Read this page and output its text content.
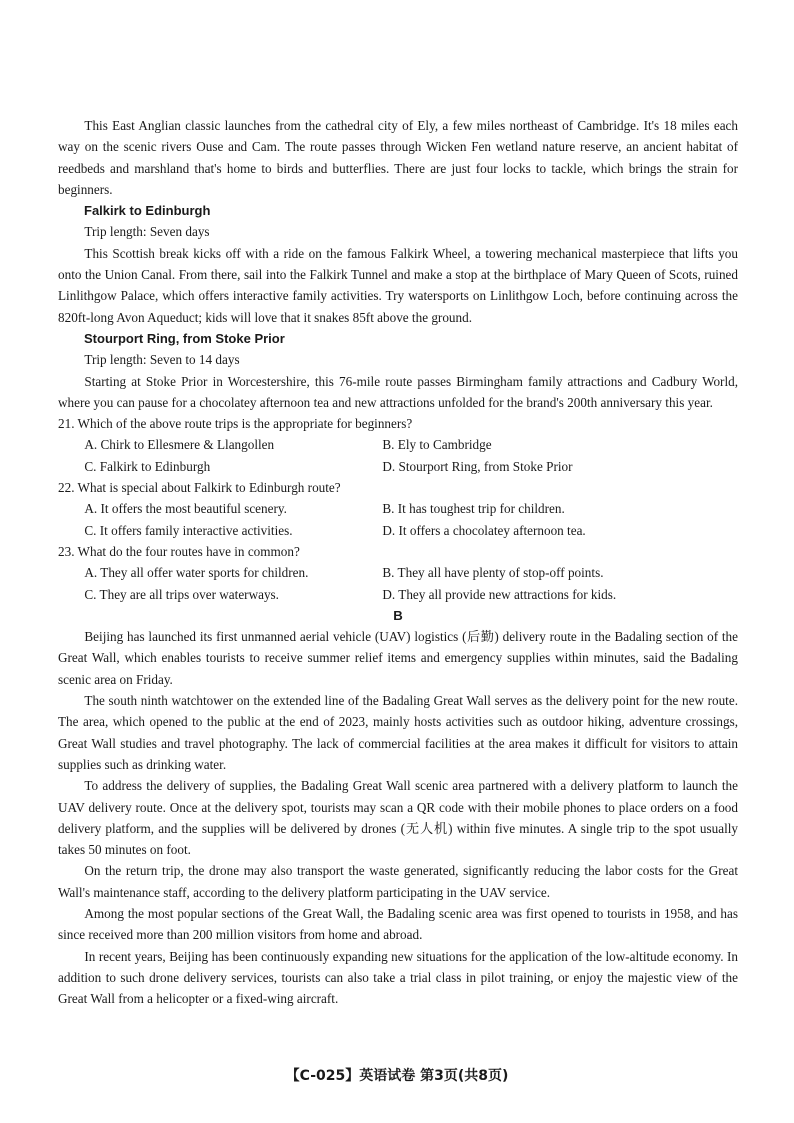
This East Anglian classic launches from the cathedral city of Ely, a few miles northeast of Cambridge. It's 18 miles each way on the scenic rivers Ouse and Cam. The route passes through Wicken Fen wetland nature reserve, an ancient habitat of reedbeds and marshland that's home to birds and butterflies. There are just four locks to tackle, which brings the strain for beginners.

Falkirk to Edinburgh
Trip length: Seven days

This Scottish break kicks off with a ride on the famous Falkirk Wheel, a towering mechanical masterpiece that lifts you onto the Union Canal. From there, sail into the Falkirk Tunnel and make a stop at the birthplace of Mary Queen of Scots, ruined Linlithgow Palace, which offers interactive family activities. Try watersports on Linlithgow Loch, before continuing across the 820ft-long Avon Aqueduct; kids will love that it snakes 85ft above the ground.

Stourport Ring, from Stoke Prior
Trip length: Seven to 14 days

Starting at Stoke Prior in Worcestershire, this 76-mile route passes Birmingham family attractions and Cadbury World, where you can pause for a chocolatey afternoon tea and new attractions unfolded for the brand's 200th anniversary this year.

21. Which of the above route trips is the appropriate for beginners?
A. Chirk to Ellesmere & Llangollen	B. Ely to Cambridge
C. Falkirk to Edinburgh	D. Stourport Ring, from Stoke Prior
22. What is special about Falkirk to Edinburgh route?
A. It offers the most beautiful scenery.	B. It has toughest trip for children.
C. It offers family interactive activities.	D. It offers a chocolatey afternoon tea.
23. What do the four routes have in common?
A. They all offer water sports for children.	B. They all have plenty of stop-off points.
C. They are all trips over waterways.	D. They all provide new attractions for kids.
B

Beijing has launched its first unmanned aerial vehicle (UAV) logistics (后勤) delivery route in the Badaling section of the Great Wall, which enables tourists to receive summer relief items and emergency supplies within minutes, said the Badaling scenic area on Friday.

The south ninth watchtower on the extended line of the Badaling Great Wall serves as the delivery point for the new route. The area, which opened to the public at the end of 2023, mainly hosts activities such as outdoor hiking, adventure crossings, Great Wall studies and travel photography. The lack of commercial facilities at the area makes it difficult for visitors to attain supplies such as drinking water.

To address the delivery of supplies, the Badaling Great Wall scenic area partnered with a delivery platform to launch the UAV delivery route. Once at the delivery spot, tourists may scan a QR code with their mobile phones to place orders on a food delivery platform, and the supplies will be delivered by drones (无人机) within five minutes. A single trip to the spot usually takes 50 minutes on foot.

On the return trip, the drone may also transport the waste generated, significantly reducing the labor costs for the Great Wall's maintenance staff, according to the delivery platform participating in the UAV service.

Among the most popular sections of the Great Wall, the Badaling scenic area was first opened to tourists in 1958, and has since received more than 200 million visitors from home and abroad.

In recent years, Beijing has been continuously expanding new situations for the application of the low-altitude economy. In addition to such drone delivery services, tourists can also take a trial class in pilot training, or enjoy the majestic view of the Great Wall from a helicopter or a fixed-wing aircraft.

【C-025】英语试卷 第3页(共8页)
